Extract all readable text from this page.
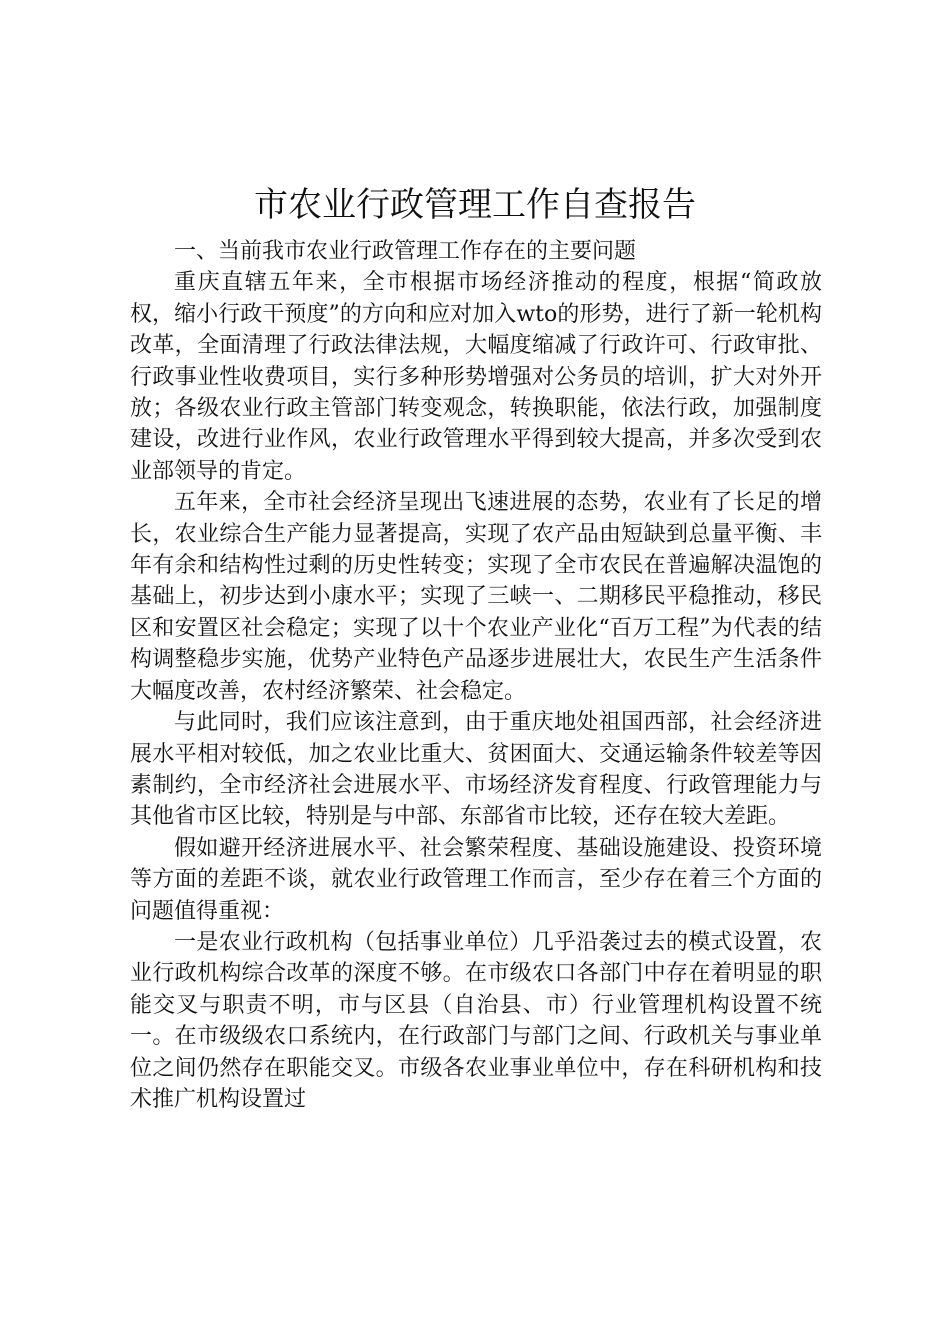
市农业行政管理工作自查报告

一、当前我市农业行政管理工作存在的主要问题

重庆直辖五年来，全市根据市场经济推动的程度，根据“简政放权，缩小行政干预度”的方向和应对加入wto的形势，进行了新一轮机构改革，全面清理了行政法律法规，大幅度缩减了行政许可、行政审批、行政事业性收费项目，实行多种形势增强对公务员的培训，扩大对外开放；各级农业行政主管部门转变观念，转换职能，依法行政，加强制度建设，改进行业作风，农业行政管理水平得到较大提高，并多次受到农业部领导的肯定。

五年来，全市社会经济呈现出飞速进展的态势，农业有了长足的增长，农业综合生产能力显著提高，实现了农产品由短缺到总量平衡、丰年有余和结构性过剩的历史性转变；实现了全市农民在普遍解决温饱的基础上，初步达到小康水平；实现了三峡一、二期移民平稳推动，移民区和安置区社会稳定；实现了以十个农业产业化“百万工程”为代表的结构调整稳步实施，优势产业特色产品逐步进展壮大，农民生产生活条件大幅度改善，农村经济繁荣、社会稳定。

与此同时，我们应该注意到，由于重庆地处祖国西部，社会经济进展水平相对较低，加之农业比重大、贫困面大、交通运输条件较差等因素制约，全市经济社会进展水平、市场经济发育程度、行政管理能力与其他省市区比较，特别是与中部、东部省市比较，还存在较大差距。

假如避开经济进展水平、社会繁荣程度、基础设施建设、投资环境等方面的差距不谈，就农业行政管理工作而言，至少存在着三个方面的问题值得重视：

一是农业行政机构（包括事业单位）几乎沿袭过去的模式设置，农业行政机构综合改革的深度不够。在市级农口各部门中存在着明显的职能交叉与职责不明，市与区县（自治县、市）行业管理机构设置不统一。在市级级农口系统内，在行政部门与部门之间、行政机关与事业单位之间仍然存在职能交叉。市级各农业事业单位中，存在科研机构和技术推广机构设置过
